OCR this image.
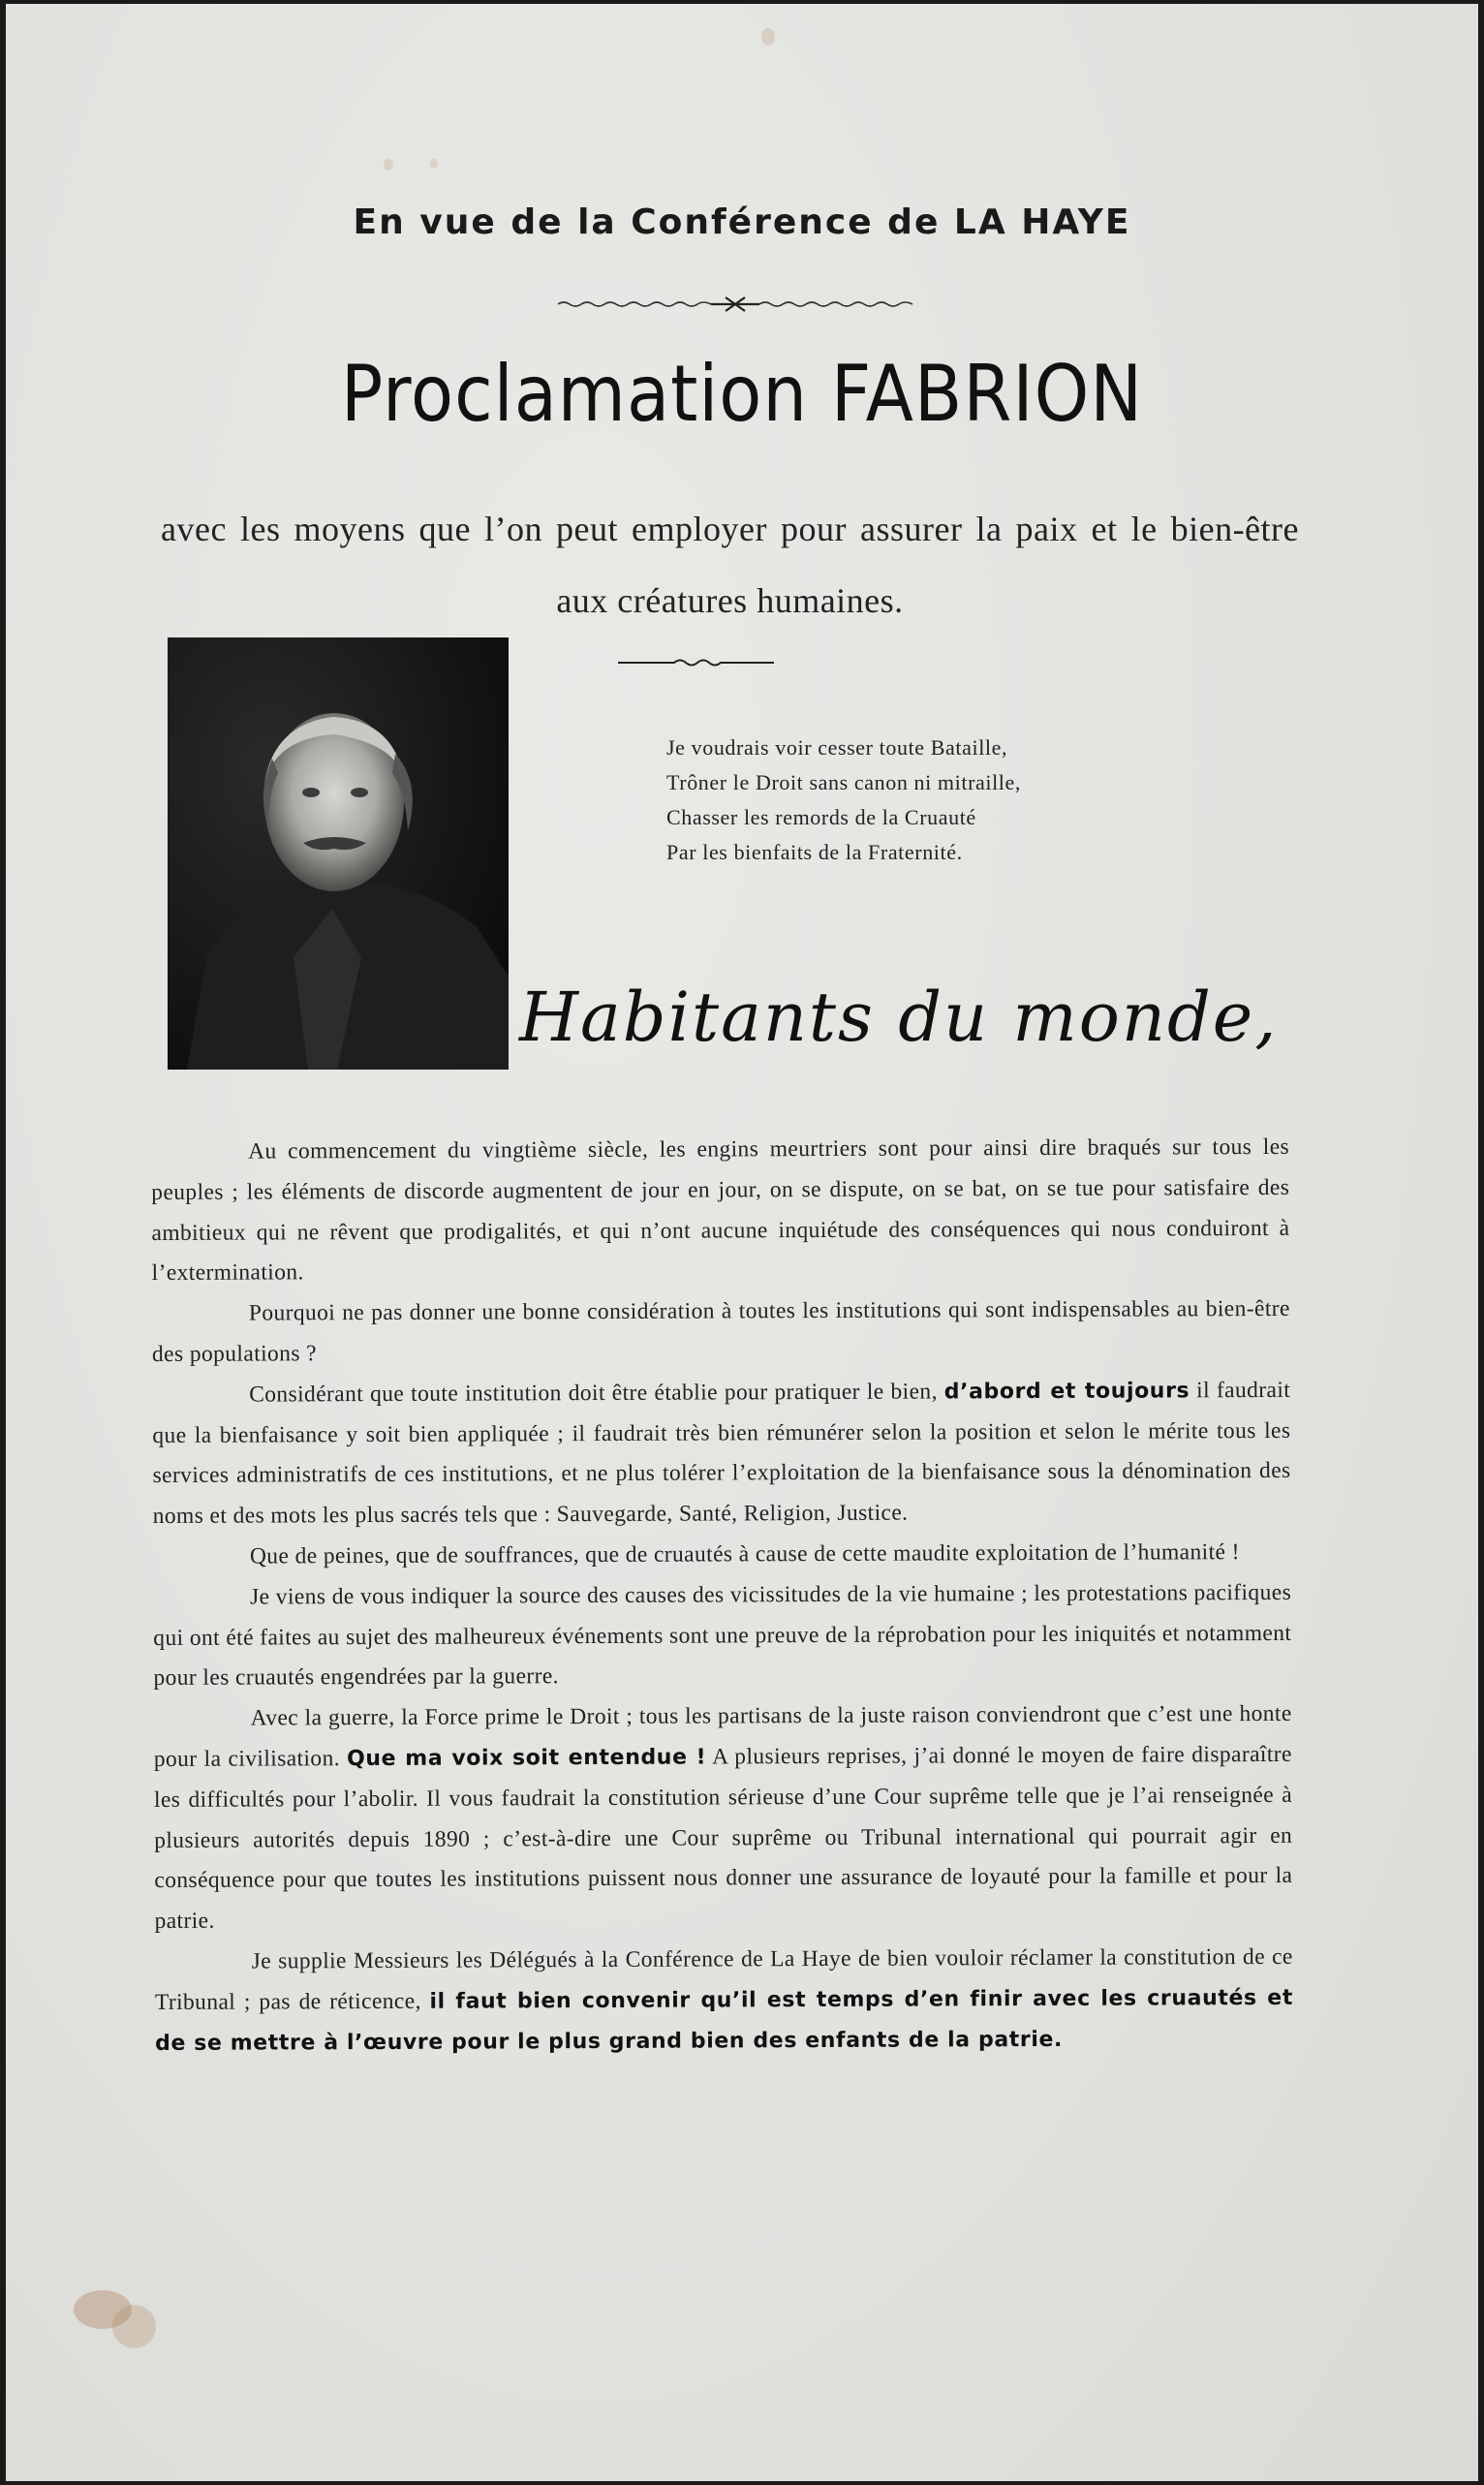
En vue de la Conférence de LA HAYE
Proclamation FABRION
avec les moyens que l’on peut employer pour assurer la paix et le bien-être aux créatures humaines.
Je voudrais voir cesser toute Bataille,
Trôner le Droit sans canon ni mitraille,
Chasser les remords de la Cruauté
Par les bienfaits de la Fraternité.
Habitants du monde,

Au commencement du vingtième siècle, les engins meurtriers sont pour ainsi dire braqués sur tous les peuples ; les éléments de discorde augmentent de jour en jour, on se dispute, on se bat, on se tue pour satisfaire des ambitieux qui ne rêvent que prodigalités, et qui n’ont aucune inquiétude des conséquences qui nous conduiront à l’extermination.

Pourquoi ne pas donner une bonne considération à toutes les institutions qui sont indispensables au bien-être des populations ?

Considérant que toute institution doit être établie pour pratiquer le bien, d’abord et toujours il faudrait que la bienfaisance y soit bien appliquée ; il faudrait très bien rémunérer selon la position et selon le mérite tous les services administratifs de ces institutions, et ne plus tolérer l’exploitation de la bienfaisance sous la dénomination des noms et des mots les plus sacrés tels que : Sauvegarde, Santé, Religion, Justice.

Que de peines, que de souffrances, que de cruautés à cause de cette maudite exploitation de l’humanité !

Je viens de vous indiquer la source des causes des vicissitudes de la vie humaine ; les protestations pacifiques qui ont été faites au sujet des malheureux événements sont une preuve de la réprobation pour les iniquités et notamment pour les cruautés engendrées par la guerre.

Avec la guerre, la Force prime le Droit ; tous les partisans de la juste raison conviendront que c’est une honte pour la civilisation. Que ma voix soit entendue ! A plusieurs reprises, j’ai donné le moyen de faire disparaître les difficultés pour l’abolir. Il vous faudrait la constitution sérieuse d’une Cour suprême telle que je l’ai renseignée à plusieurs autorités depuis 1890 ; c’est-à-dire une Cour suprême ou Tribunal international qui pourrait agir en conséquence pour que toutes les institutions puissent nous donner une assurance de loyauté pour la famille et pour la patrie.

Je supplie Messieurs les Délégués à la Conférence de La Haye de bien vouloir réclamer la constitution de ce Tribunal ; pas de réticence, il faut bien convenir qu’il est temps d’en finir avec les cruautés et de se mettre à l’œuvre pour le plus grand bien des enfants de la patrie.
